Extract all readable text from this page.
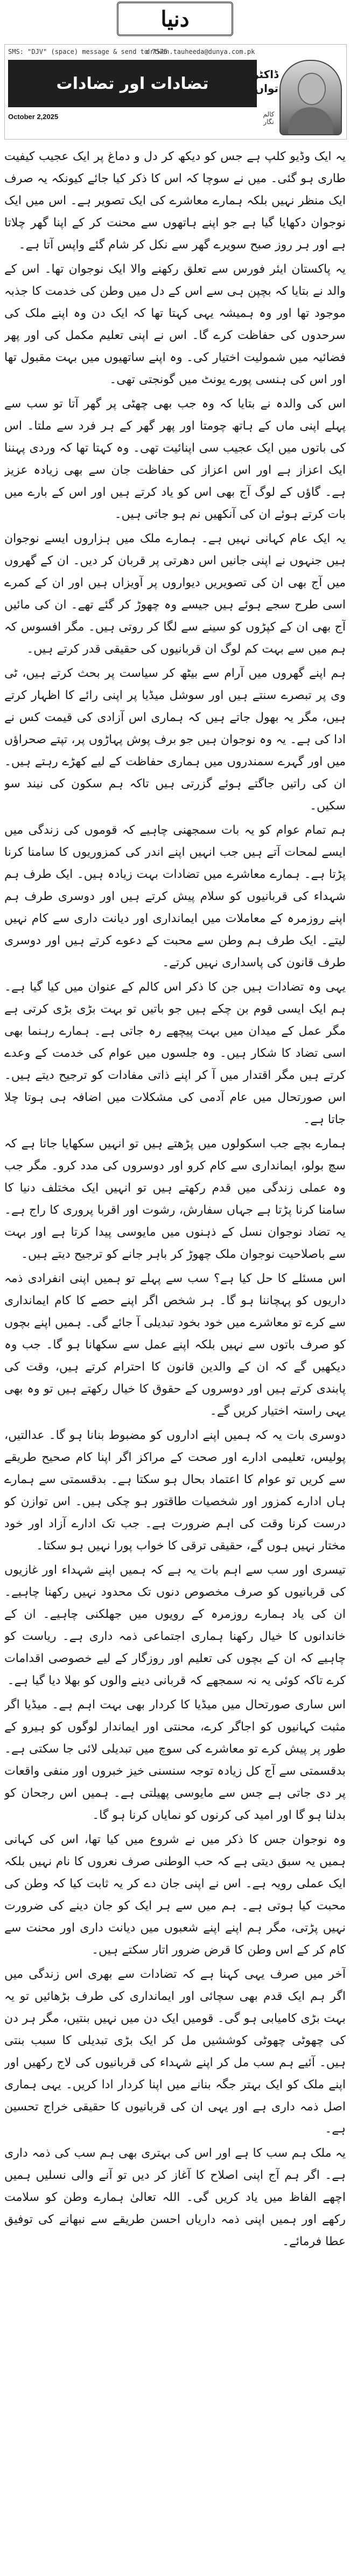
دنیا
SMS: "DJV" (space) message & send to 7575
drtwan.tauheeda@dunya.com.pk
تضادات اور تضادات
October 2,2025
ڈاکٹر تواں
کالم نگار

یہ ایک وڈیو کلپ ہے جس کو دیکھ کر دل و دماغ پر ایک عجیب کیفیت طاری ہو گئی۔ میں نے سوچا کہ اس کا ذکر کیا جائے کیونکہ یہ صرف ایک منظر نہیں بلکہ ہمارے معاشرے کی ایک تصویر ہے۔ اس میں ایک نوجوان دکھایا گیا ہے جو اپنے ہاتھوں سے محنت کر کے اپنا گھر چلاتا ہے اور ہر روز صبح سویرے گھر سے نکل کر شام گئے واپس آتا ہے۔

یہ پاکستان ایئر فورس سے تعلق رکھنے والا ایک نوجوان تھا۔ اس کے والد نے بتایا کہ بچپن ہی سے اس کے دل میں وطن کی خدمت کا جذبہ موجود تھا اور وہ ہمیشہ یہی کہتا تھا کہ ایک دن وہ اپنے ملک کی سرحدوں کی حفاظت کرے گا۔ اس نے اپنی تعلیم مکمل کی اور پھر فضائیہ میں شمولیت اختیار کی۔ وہ اپنے ساتھیوں میں بہت مقبول تھا اور اس کی ہنسی پورے یونٹ میں گونجتی تھی۔

اس کی والدہ نے بتایا کہ وہ جب بھی چھٹی پر گھر آتا تو سب سے پہلے اپنی ماں کے ہاتھ چومتا اور پھر گھر کے ہر فرد سے ملتا۔ اس کی باتوں میں ایک عجیب سی اپنائیت تھی۔ وہ کہتا تھا کہ وردی پہننا ایک اعزاز ہے اور اس اعزاز کی حفاظت جان سے بھی زیادہ عزیز ہے۔ گاؤں کے لوگ آج بھی اس کو یاد کرتے ہیں اور اس کے بارے میں بات کرتے ہوئے ان کی آنکھیں نم ہو جاتی ہیں۔

یہ ایک عام کہانی نہیں ہے۔ ہمارے ملک میں ہزاروں ایسے نوجوان ہیں جنہوں نے اپنی جانیں اس دھرتی پر قربان کر دیں۔ ان کے گھروں میں آج بھی ان کی تصویریں دیواروں پر آویزاں ہیں اور ان کے کمرے اسی طرح سجے ہوئے ہیں جیسے وہ چھوڑ کر گئے تھے۔ ان کی مائیں آج بھی ان کے کپڑوں کو سینے سے لگا کر روتی ہیں۔ مگر افسوس کہ ہم میں سے بہت کم لوگ ان قربانیوں کی حقیقی قدر کرتے ہیں۔

ہم اپنے گھروں میں آرام سے بیٹھ کر سیاست پر بحث کرتے ہیں، ٹی وی پر تبصرے سنتے ہیں اور سوشل میڈیا پر اپنی رائے کا اظہار کرتے ہیں، مگر یہ بھول جاتے ہیں کہ ہماری اس آزادی کی قیمت کس نے ادا کی ہے۔ یہ وہ نوجوان ہیں جو برف پوش پہاڑوں پر، تپتے صحراؤں میں اور گہرے سمندروں میں ہماری حفاظت کے لیے کھڑے رہتے ہیں۔ ان کی راتیں جاگتے ہوئے گزرتی ہیں تاکہ ہم سکون کی نیند سو سکیں۔

ہم تمام عوام کو یہ بات سمجھنی چاہیے کہ قوموں کی زندگی میں ایسے لمحات آتے ہیں جب انہیں اپنے اندر کی کمزوریوں کا سامنا کرنا پڑتا ہے۔ ہمارے معاشرے میں تضادات بہت زیادہ ہیں۔ ایک طرف ہم شہداء کی قربانیوں کو سلام پیش کرتے ہیں اور دوسری طرف ہم اپنے روزمرہ کے معاملات میں ایمانداری اور دیانت داری سے کام نہیں لیتے۔ ایک طرف ہم وطن سے محبت کے دعوے کرتے ہیں اور دوسری طرف قانون کی پاسداری نہیں کرتے۔

یہی وہ تضادات ہیں جن کا ذکر اس کالم کے عنوان میں کیا گیا ہے۔ ہم ایک ایسی قوم بن چکے ہیں جو باتیں تو بہت بڑی بڑی کرتی ہے مگر عمل کے میدان میں بہت پیچھے رہ جاتی ہے۔ ہمارے رہنما بھی اسی تضاد کا شکار ہیں۔ وہ جلسوں میں عوام کی خدمت کے وعدے کرتے ہیں مگر اقتدار میں آ کر اپنے ذاتی مفادات کو ترجیح دیتے ہیں۔ اس صورتحال میں عام آدمی کی مشکلات میں اضافہ ہی ہوتا چلا جاتا ہے۔

ہمارے بچے جب اسکولوں میں پڑھتے ہیں تو انہیں سکھایا جاتا ہے کہ سچ بولو، ایمانداری سے کام کرو اور دوسروں کی مدد کرو۔ مگر جب وہ عملی زندگی میں قدم رکھتے ہیں تو انہیں ایک مختلف دنیا کا سامنا کرنا پڑتا ہے جہاں سفارش، رشوت اور اقربا پروری کا راج ہے۔ یہ تضاد نوجوان نسل کے ذہنوں میں مایوسی پیدا کرتا ہے اور بہت سے باصلاحیت نوجوان ملک چھوڑ کر باہر جانے کو ترجیح دیتے ہیں۔

اس مسئلے کا حل کیا ہے؟ سب سے پہلے تو ہمیں اپنی انفرادی ذمہ داریوں کو پہچاننا ہو گا۔ ہر شخص اگر اپنے حصے کا کام ایمانداری سے کرے تو معاشرے میں خود بخود تبدیلی آ جائے گی۔ ہمیں اپنے بچوں کو صرف باتوں سے نہیں بلکہ اپنے عمل سے سکھانا ہو گا۔ جب وہ دیکھیں گے کہ ان کے والدین قانون کا احترام کرتے ہیں، وقت کی پابندی کرتے ہیں اور دوسروں کے حقوق کا خیال رکھتے ہیں تو وہ بھی یہی راستہ اختیار کریں گے۔

دوسری بات یہ کہ ہمیں اپنے اداروں کو مضبوط بنانا ہو گا۔ عدالتیں، پولیس، تعلیمی ادارے اور صحت کے مراکز اگر اپنا کام صحیح طریقے سے کریں تو عوام کا اعتماد بحال ہو سکتا ہے۔ بدقسمتی سے ہمارے ہاں ادارے کمزور اور شخصیات طاقتور ہو چکی ہیں۔ اس توازن کو درست کرنا وقت کی اہم ضرورت ہے۔ جب تک ادارے آزاد اور خود مختار نہیں ہوں گے، حقیقی ترقی کا خواب پورا نہیں ہو سکتا۔

تیسری اور سب سے اہم بات یہ ہے کہ ہمیں اپنے شہداء اور غازیوں کی قربانیوں کو صرف مخصوص دنوں تک محدود نہیں رکھنا چاہیے۔ ان کی یاد ہمارے روزمرہ کے رویوں میں جھلکنی چاہیے۔ ان کے خاندانوں کا خیال رکھنا ہماری اجتماعی ذمہ داری ہے۔ ریاست کو چاہیے کہ ان کے بچوں کی تعلیم اور روزگار کے لیے خصوصی اقدامات کرے تاکہ کوئی یہ نہ سمجھے کہ قربانی دینے والوں کو بھلا دیا گیا ہے۔

اس ساری صورتحال میں میڈیا کا کردار بھی بہت اہم ہے۔ میڈیا اگر مثبت کہانیوں کو اجاگر کرے، محنتی اور ایماندار لوگوں کو ہیرو کے طور پر پیش کرے تو معاشرے کی سوچ میں تبدیلی لائی جا سکتی ہے۔ بدقسمتی سے آج کل زیادہ توجہ سنسنی خیز خبروں اور منفی واقعات پر دی جاتی ہے جس سے مایوسی پھیلتی ہے۔ ہمیں اس رجحان کو بدلنا ہو گا اور امید کی کرنوں کو نمایاں کرنا ہو گا۔

وہ نوجوان جس کا ذکر میں نے شروع میں کیا تھا، اس کی کہانی ہمیں یہ سبق دیتی ہے کہ حب الوطنی صرف نعروں کا نام نہیں بلکہ ایک عملی رویہ ہے۔ اس نے اپنی جان دے کر یہ ثابت کیا کہ وطن کی محبت کیا ہوتی ہے۔ ہم میں سے ہر ایک کو جان دینے کی ضرورت نہیں پڑتی، مگر ہم اپنے اپنے شعبوں میں دیانت داری اور محنت سے کام کر کے اس وطن کا قرض ضرور اتار سکتے ہیں۔

آخر میں صرف یہی کہنا ہے کہ تضادات سے بھری اس زندگی میں اگر ہم ایک قدم بھی سچائی اور ایمانداری کی طرف بڑھائیں تو یہ بہت بڑی کامیابی ہو گی۔ قومیں ایک دن میں نہیں بنتیں، مگر ہر دن کی چھوٹی چھوٹی کوششیں مل کر ایک بڑی تبدیلی کا سبب بنتی ہیں۔ آئیے ہم سب مل کر اپنے شہداء کی قربانیوں کی لاج رکھیں اور اپنے ملک کو ایک بہتر جگہ بنانے میں اپنا کردار ادا کریں۔ یہی ہماری اصل ذمہ داری ہے اور یہی ان کی قربانیوں کا حقیقی خراج تحسین ہے۔

یہ ملک ہم سب کا ہے اور اس کی بہتری بھی ہم سب کی ذمہ داری ہے۔ اگر ہم آج اپنی اصلاح کا آغاز کر دیں تو آنے والی نسلیں ہمیں اچھے الفاظ میں یاد کریں گی۔ اللہ تعالیٰ ہمارے وطن کو سلامت رکھے اور ہمیں اپنی ذمہ داریاں احسن طریقے سے نبھانے کی توفیق عطا فرمائے۔
